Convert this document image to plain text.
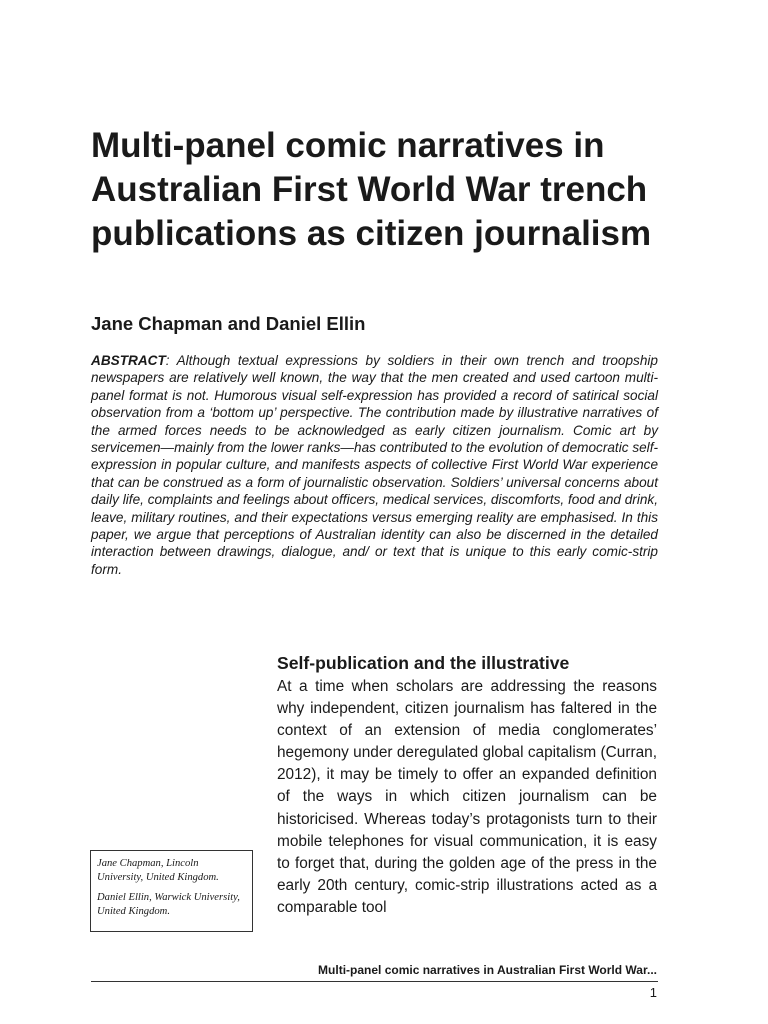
Multi-panel comic narratives in Australian First World War trench publications as citizen journalism

Jane Chapman and Daniel Ellin

ABSTRACT: Although textual expressions by soldiers in their own trench and troopship newspapers are relatively well known, the way that the men created and used cartoon multi-panel format is not. Humorous visual self-expression has provided a record of satirical social observation from a ‘bottom up’ perspective. The contribution made by illustrative narratives of the armed forces needs to be acknowledged as early citizen journalism. Comic art by servicemen—mainly from the lower ranks—has contributed to the evolution of democratic self-expression in popular culture, and manifests aspects of collective First World War experience that can be construed as a form of journalistic observation. Soldiers’ universal concerns about daily life, complaints and feelings about officers, medical services, discomforts, food and drink, leave, military routines, and their expectations versus emerging reality are emphasised. In this paper, we argue that perceptions of Australian identity can also be discerned in the detailed interaction between drawings, dialogue, and/ or text that is unique to this early comic-strip form.

Self-publication and the illustrative

At a time when scholars are addressing the reasons why independent, citizen journalism has faltered in the context of an extension of media conglomerates’ hegemony under deregulated global capitalism (Curran, 2012), it may be timely to offer an expanded definition of the ways in which citizen journalism can be historicised. Whereas today’s protagonists turn to their mobile telephones for visual communication, it is easy to forget that, during the golden age of the press in the early 20th century, comic-strip illustrations acted as a comparable tool

Jane Chapman, Lincoln University, United Kingdom.

Daniel Ellin, Warwick University, United Kingdom.

Multi-panel comic narratives in Australian First World War...

1
